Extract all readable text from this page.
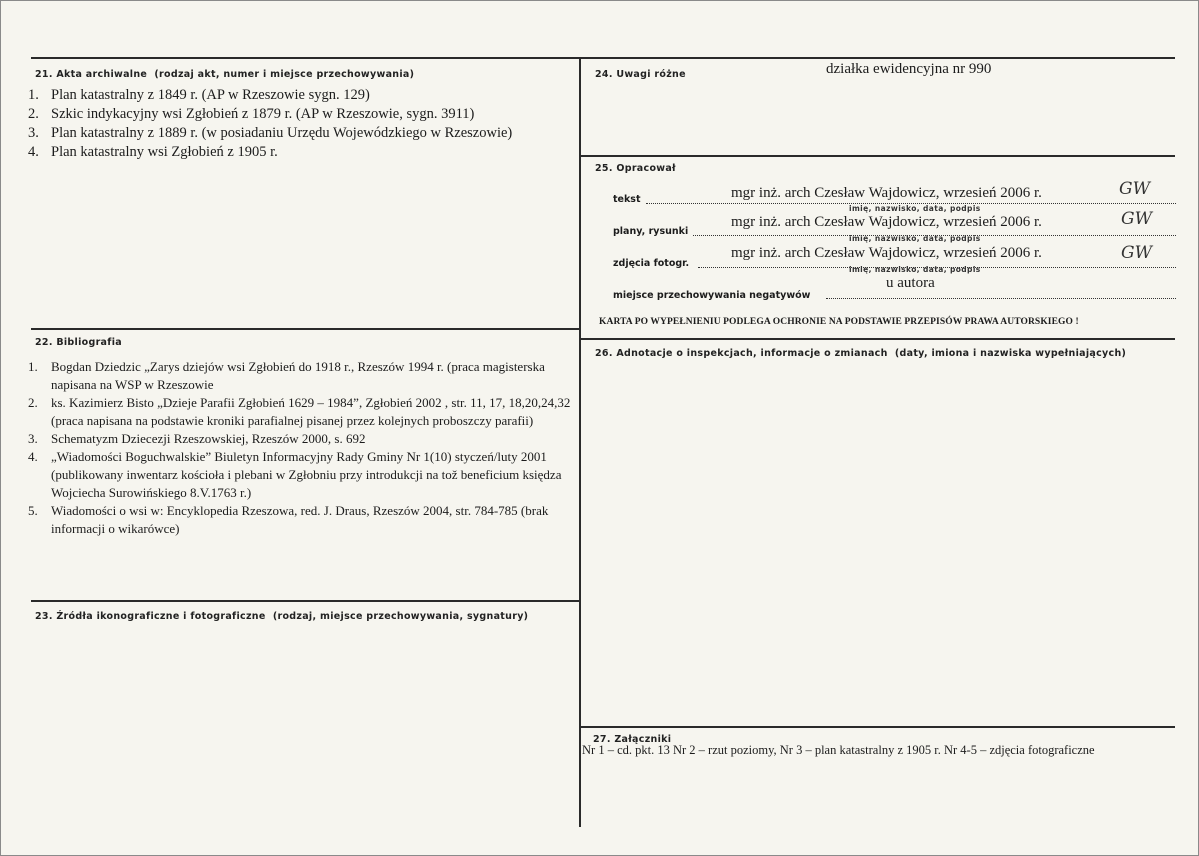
21. Akta archiwalne (rodzaj akt, numer i miejsce przechowywania)
1. Plan katastralny z 1849 r. (AP w Rzeszowie sygn. 129)
2. Szkic indykacyjny wsi Zgłobień z 1879 r. (AP w Rzeszowie, sygn. 3911)
3. Plan katastralny z 1889 r. (w posiadaniu Urzędu Wojewódzkiego w Rzeszowie)
4. Plan katastralny wsi Zgłobień z 1905 r.
22. Bibliografia
1. Bogdan Dziedzic „Zarys dziejów wsi Zgłobień do 1918 r., Rzeszów 1994 r. (praca magisterska napisana na WSP w Rzeszowie
2. ks. Kazimierz Bisto „Dzieje Parafii Zgłobień 1629 – 1984”, Zgłobień 2002 , str. 11, 17, 18,20,24,32 (praca napisana na podstawie kroniki parafialnej pisanej przez kolejnych proboszczy parafii)
3. Schematyzm Dziecezji Rzeszowskiej, Rzeszów 2000, s. 692
4. „Wiadomości Boguchwalskie” Biuletyn Informacyjny Rady Gminy Nr 1(10) styczeń/luty 2001 (publikowany inwentarz kościoła i plebani w Zgłobniu przy introdukcji na tož beneficium księdza Wojciecha Surowińskiego 8.V.1763 r.)
5. Wiadomości o wsi w: Encyklopedia Rzeszowa, red. J. Draus, Rzeszów 2004, str. 784-785 (brak informacji o wikarówce)
23. Źródła ikonograficzne i fotograficzne (rodzaj, miejsce przechowywania, sygnatury)
24. Uwagi różne	działka ewidencyjna nr 990
25. Opracował
tekst	mgr inż. arch Czesław Wajdowicz, wrzesień 2006 r.
imię, nazwisko, data, podpis
GW
plany, rysunki
mgr inż. arch Czesław Wajdowicz, wrzesień 2006 r.
imię, nazwisko, data, podpis
GW
zdjęcia fotogr.
mgr inż. arch Czesław Wajdowicz, wrzesień 2006 r.
imię, nazwisko, data, podpis
GW
miejsce przechowywania negatywów
u autora
KARTA PO WYPEŁNIENIU PODLEGA OCHRONIE NA PODSTAWIE PRZEPISÓW PRAWA AUTORSKIEGO !
26. Adnotacje o inspekcjach, informacje o zmianach (daty, imiona i nazwiska wypełniających)
27. Załączniki
Nr 1 – cd. pkt. 13 Nr 2 – rzut poziomy, Nr 3 – plan katastralny z 1905 r. Nr 4-5 – zdjęcia fotograficzne
